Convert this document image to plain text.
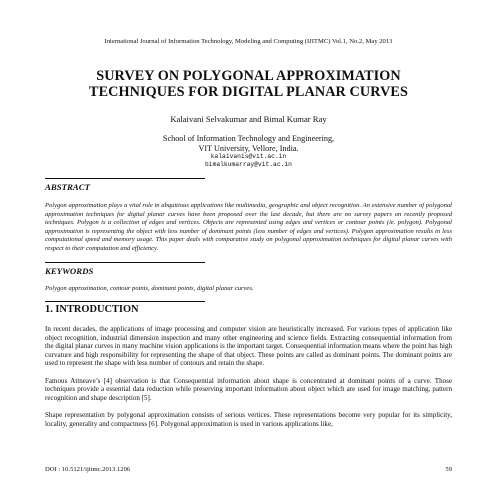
International Journal of Information Technology, Modeling and Computing (IJITMC) Vol.1, No.2, May 2013
SURVEY ON POLYGONAL APPROXIMATION
TECHNIQUES FOR DIGITAL PLANAR CURVES
Kalaivani Selvakumar and Bimal Kumar Ray
School of Information Technology and Engineering,
VIT University, Vellore, India.
kalaivanis@vit.ac.in
bimalkumarray@vit.ac.in
ABSTRACT
Polygon approximation plays a vital role in abquitious applications like multimedia, geographic and object recognition. An extensive number of polygonal approximation techniques for digital planar curves have been proposed over the last decade, but there are no survey papers on recently proposed techniques. Polygon is a collection of edges and vertices. Objects are represented using edges and vertices or contour points (ie. polygon). Polygonal approximation is representing the object with less number of dominant points (less number of edges and vertices). Polygon approximation results in less computational speed and memory usage. This paper deals with comparative study on polygonal approximation techniques for digital planar curves with respect to their computation and efficiency.
KEYWORDS
Polygon approximation, contour points, dominant points, digital planar curves.
1. INTRODUCTION
In recent decades, the applications of image processing and computer vision are heuristically increased. For various types of application like object recognition, industrial dimension inspection and many other engineering and science fields. Extracting consequential information from the digital planar curves in many machine vision applications is the important target. Consequential information means where the point has high curvature and high responsibility for representing the shape of that object. These points are called as dominant points. The dominant points are used to represent the shape with less number of contours and retain the shape.
Famous Attneave’s [4] observation is that Consequential information about shape is concentrated at dominant points of a curve. Those techniques provide a essential data reduction while preserving important information about object which are used for image matching, pattern recognition and shape description [5].
Shape representation by polygonal approximation consists of serious vertices. These representations become very popular for its simplicity, locality, generality and compactness [6]. Polygonal approximation is used in various applications like,
DOI : 10.5121/ijitmc.2013.1206	59
